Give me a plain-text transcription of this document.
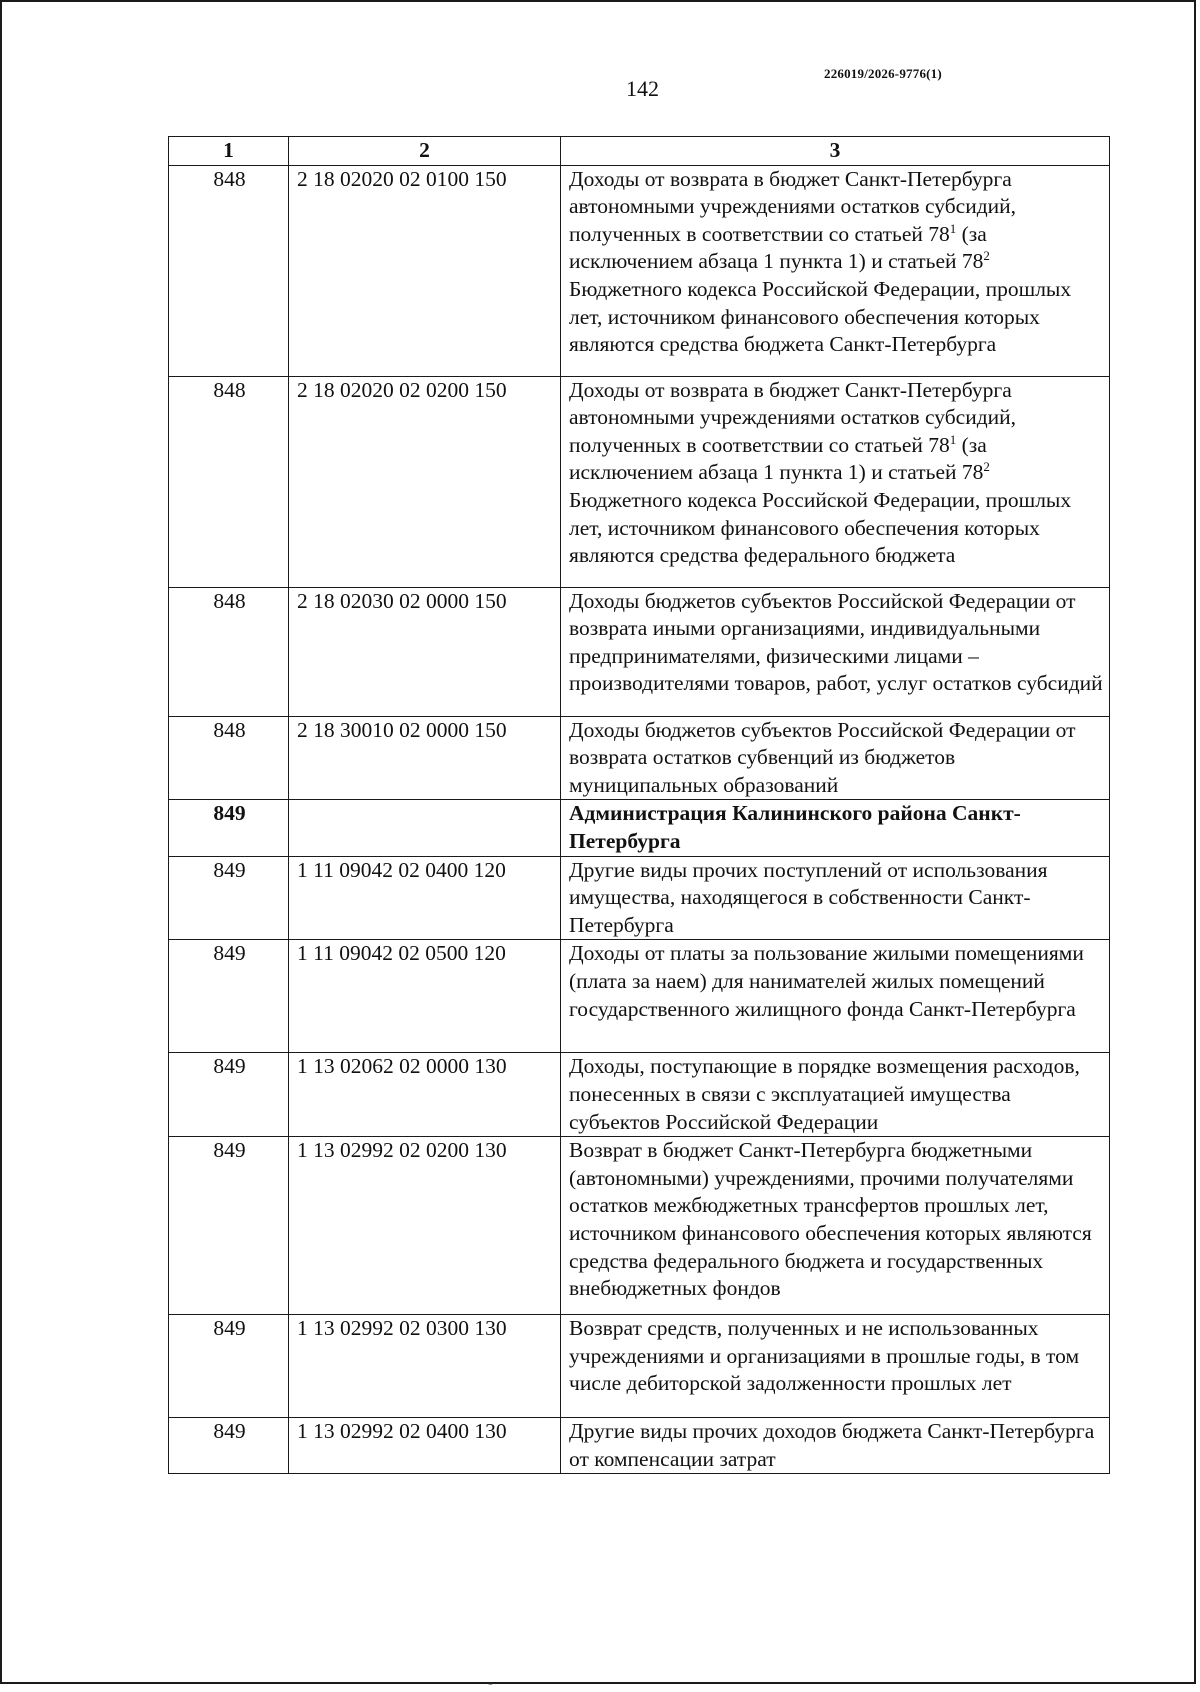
226019/2026-9776(1)
142
1	2	3
848	2 18 02020 02 0100 150	Доходы от возврата в бюджет Санкт-Петербурга автономными учреждениями остатков субсидий, полученных в соответствии со статьей $78^1$ (за исключением абзаца 1 пункта 1) и статьей $78^2$ Бюджетного кодекса Российской Федерации, прошлых лет, источником финансового обеспечения которых являются средства бюджета Санкт-Петербурга
848	2 18 02020 02 0200 150	Доходы от возврата в бюджет Санкт-Петербурга автономными учреждениями остатков субсидий, полученных в соответствии со статьей $78^1$ (за исключением абзаца 1 пункта 1) и статьей $78^2$ Бюджетного кодекса Российской Федерации, прошлых лет, источником финансового обеспечения которых являются средства федерального бюджета
848	2 18 02030 02 0000 150	Доходы бюджетов субъектов Российской Федерации от возврата иными организациями, индивидуальными предпринимателями, физическими лицами – производителями товаров, работ, услуг остатков субсидий
848	2 18 30010 02 0000 150	Доходы бюджетов субъектов Российской Федерации от возврата остатков субвенций из бюджетов муниципальных образований
849		Администрация Калининского района Санкт-Петербурга
849	1 11 09042 02 0400 120	Другие виды прочих поступлений от использования имущества, находящегося в собственности Санкт-Петербурга
849	1 11 09042 02 0500 120	Доходы от платы за пользование жилыми помещениями (плата за наем) для нанимателей жилых помещений государственного жилищного фонда Санкт-Петербурга
849	1 13 02062 02 0000 130	Доходы, поступающие в порядке возмещения расходов, понесенных в связи с эксплуатацией имущества субъектов Российской Федерации
849	1 13 02992 02 0200 130	Возврат в бюджет Санкт-Петербурга бюджетными (автономными) учреждениями, прочими получателями остатков межбюджетных трансфертов прошлых лет, источником финансового обеспечения которых являются средства федерального бюджета и государственных внебюджетных фондов
849	1 13 02992 02 0300 130	Возврат средств, полученных и не использованных учреждениями и организациями в прошлые годы, в том числе дебиторской задолженности прошлых лет
849	1 13 02992 02 0400 130	Другие виды прочих доходов бюджета Санкт-Петербурга от компенсации затрат
-
